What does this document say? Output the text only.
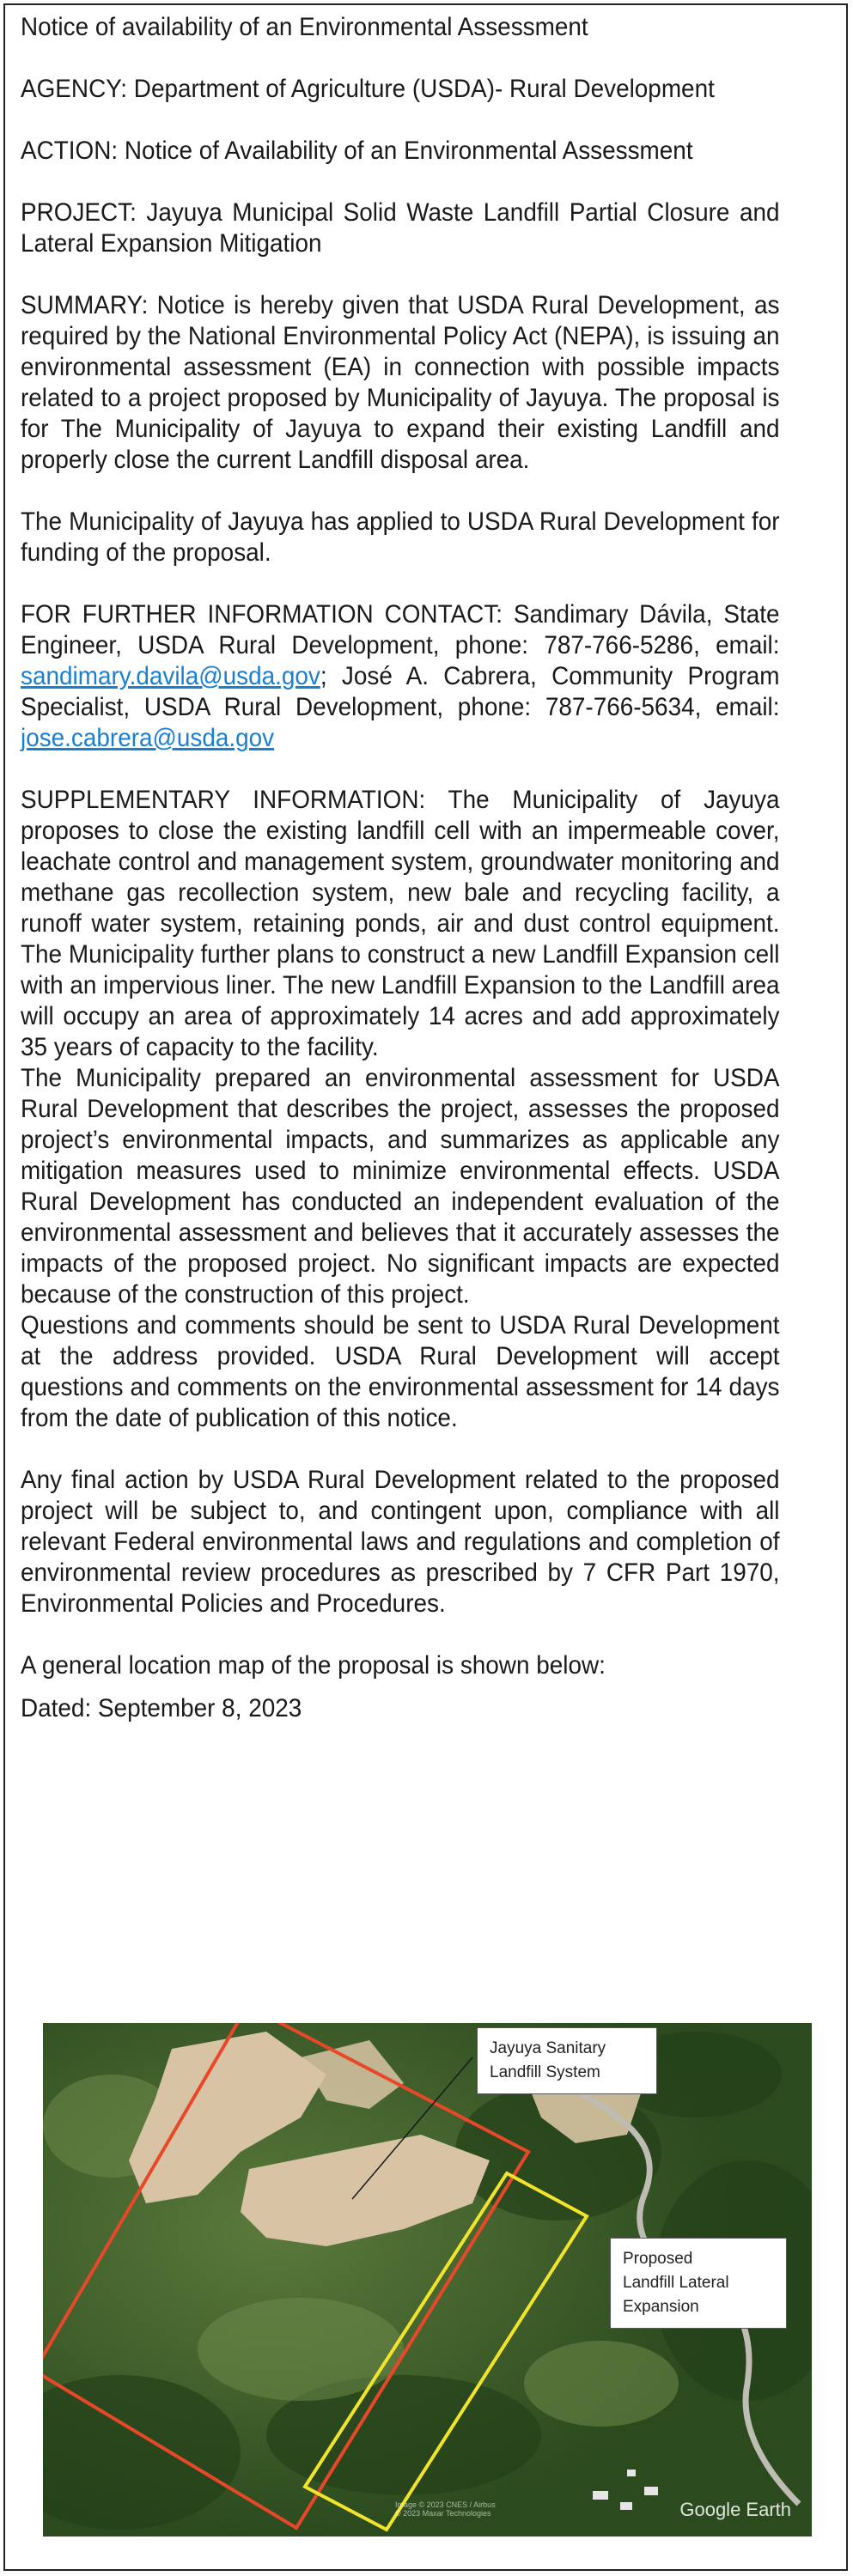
Notice of availability of an Environmental Assessment

AGENCY: Department of Agriculture (USDA)- Rural Development

ACTION: Notice of Availability of an Environmental Assessment

PROJECT: Jayuya Municipal Solid Waste Landfill Partial Closure and Lateral Expansion Mitigation

SUMMARY: Notice is hereby given that USDA Rural Development, as required by the National Environmental Policy Act (NEPA), is issuing an environmental assessment (EA) in connection with possible impacts related to a project proposed by Municipality of Jayuya. The proposal is for The Municipality of Jayuya to expand their existing Landfill and properly close the current Landfill disposal area.

The Municipality of Jayuya has applied to USDA Rural Development for funding of the proposal.

FOR FURTHER INFORMATION CONTACT: Sandimary Dávila, State Engineer, USDA Rural Development, phone: 787-766-5286, email: sandimary.davila@usda.gov; José A. Cabrera, Community Program Specialist, USDA Rural Development, phone: 787-766-5634, email: jose.cabrera@usda.gov

SUPPLEMENTARY INFORMATION: The Municipality of Jayuya proposes to close the existing landfill cell with an impermeable cover, leachate control and management system, groundwater monitoring and methane gas recollection system, new bale and recycling facility, a runoff water system, retaining ponds, air and dust control equipment. The Municipality further plans to construct a new Landfill Expansion cell with an impervious liner. The new Landfill Expansion to the Landfill area will occupy an area of approximately 14 acres and add approximately 35 years of capacity to the facility.

The Municipality prepared an environmental assessment for USDA Rural Development that describes the project, assesses the proposed project’s environmental impacts, and summarizes as applicable any mitigation measures used to minimize environmental effects. USDA Rural Development has conducted an independent evaluation of the environmental assessment and believes that it accurately assesses the impacts of the proposed project. No significant impacts are expected because of the construction of this project.

Questions and comments should be sent to USDA Rural Development at the address provided. USDA Rural Development will accept questions and comments on the environmental assessment for 14 days from the date of publication of this notice.

Any final action by USDA Rural Development related to the proposed project will be subject to, and contingent upon, compliance with all relevant Federal environmental laws and regulations and completion of environmental review procedures as prescribed by 7 CFR Part 1970, Environmental Policies and Procedures.

A general location map of the proposal is shown below:

Dated: September 8, 2023

Jayuya Sanitary
Landfill System
Proposed
Landfill Lateral
Expansion
Image © 2023 CNES / Airbus
© 2023 Maxar Technologies	Google Earth
